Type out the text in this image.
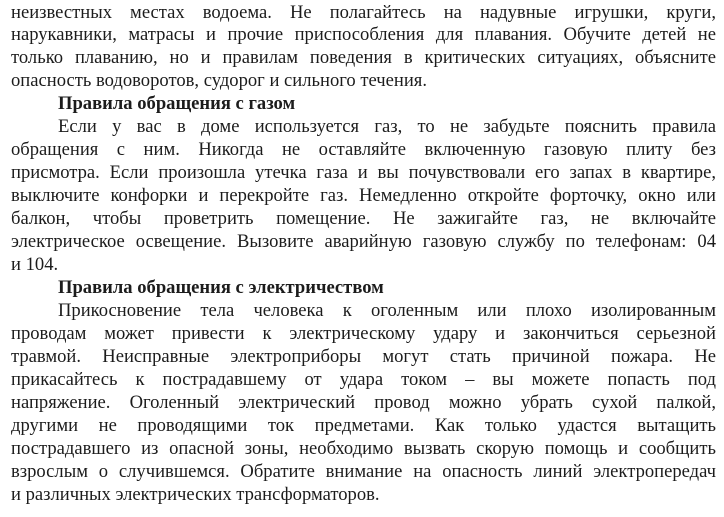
неизвестных местах водоема. Не полагайтесь на надувные игрушки, круги,
нарукавники, матрасы и прочие приспособления для плавания. Обучите детей не
только плаванию, но и правилам поведения в критических ситуациях, объясните
опасность водоворотов, судорог и сильного течения.
Правила обращения с газом
Если у вас в доме используется газ, то не забудьте пояснить правила
обращения с ним. Никогда не оставляйте включенную газовую плиту без
присмотра. Если произошла утечка газа и вы почувствовали его запах в квартире,
выключите конфорки и перекройте газ. Немедленно откройте форточку, окно или
балкон, чтобы проветрить помещение. Не зажигайте газ, не включайте
электрическое освещение. Вызовите аварийную газовую службу по телефонам: 04
и 104.
Правила обращения с электричеством
Прикосновение тела человека к оголенным или плохо изолированным
проводам может привести к электрическому удару и закончиться серьезной
травмой. Неисправные электроприборы могут стать причиной пожара. Не
прикасайтесь к пострадавшему от удара током – вы можете попасть под
напряжение. Оголенный электрический провод можно убрать сухой палкой,
другими не проводящими ток предметами. Как только удастся вытащить
пострадавшего из опасной зоны, необходимо вызвать скорую помощь и сообщить
взрослым о случившемся. Обратите внимание на опасность линий электропередач
и различных электрических трансформаторов.
